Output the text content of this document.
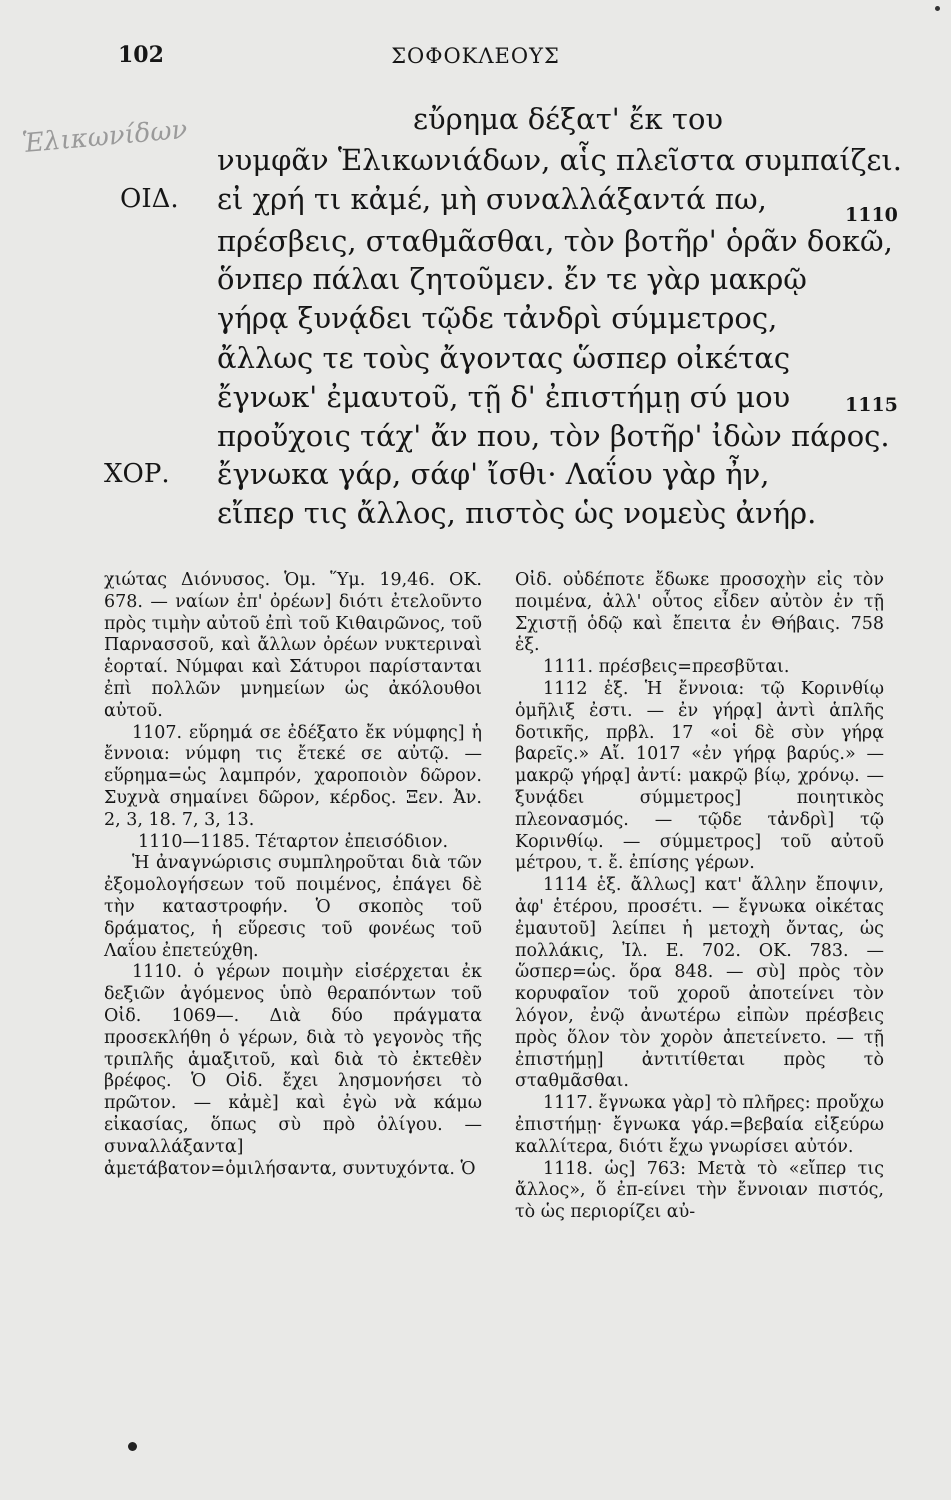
102	ΣΟΦΟΚΛΕΟΥΣ
Ἑλικωνίδων	εὔρημα δέξατ' ἔκ του
νυμφᾶν Ἑλικωνιάδων, αἷς πλεῖστα συμπαίζει.
ΟΙΔ. εἰ χρή τι κἀμέ, μὴ συναλλάξαντά πω,	1110
πρέσβεις, σταθμᾶσθαι, τὸν βοτῆρ' ὁρᾶν δοκῶ,
ὅνπερ πάλαι ζητοῦμεν. ἔν τε γὰρ μακρῷ
γήρᾳ ξυνᾴδει τῷδε τἀνδρὶ σύμμετρος,
ἄλλως τε τοὺς ἄγοντας ὥσπερ οἰκέτας
ἔγνωκ' ἐμαυτοῦ, τῇ δ' ἐπιστήμῃ σύ μου	1115
προὔχοις τάχ' ἄν που, τὸν βοτῆρ' ἰδὼν πάρος.
ΧΟΡ. ἔγνωκα γάρ, σάφ' ἴσθι· Λαΐου γὰρ ἦν,
εἴπερ τις ἄλλος, πιστὸς ὡς νομεὺς ἀνήρ.

χιώτας Διόνυσος. Ὁμ. Ὕμ. 19,46. ΟΚ. 678. — ναίων ἐπ' ὀρέων] διότι ἐτελοῦντο πρὸς τιμὴν αὐτοῦ ἐπὶ τοῦ Κιθαιρῶνος, τοῦ Παρνασσοῦ, καὶ ἄλλων ὀρέων νυκτεριναὶ ἑορταί. Νύμφαι καὶ Σάτυροι παρίστανται ἐπὶ πολλῶν μνημείων ὡς ἀκόλουθοι αὐτοῦ.

1107. εὕρημά σε ἐδέξατο ἔκ νύμφης] ἡ ἔννοια: νύμφη τις ἔτεκέ σε αὐτῷ. — εὕρημα=ὡς λαμπρόν, χαροποιὸν δῶρον. Συχνὰ σημαίνει δῶρον, κέρδος. Ξεν. Ἀν. 2, 3, 18. 7, 3, 13.

1110—1185. Τέταρτον ἐπεισόδιον.

Ἡ ἀναγνώρισις συμπληροῦται διὰ τῶν ἐξομολογήσεων τοῦ ποιμένος, ἐπάγει δὲ τὴν καταστροφήν. Ὁ σκοπὸς τοῦ δράματος, ἡ εὕρεσις τοῦ φονέως τοῦ Λαΐου ἐπετεύχθη.

1110. ὁ γέρων ποιμὴν εἰσέρχεται ἐκ δεξιῶν ἀγόμενος ὑπὸ θεραπόντων τοῦ Οἰδ. 1069—. Διὰ δύο πράγματα προσεκλήθη ὁ γέρων, διὰ τὸ γεγονὸς τῆς τριπλῆς ἁμαξιτοῦ, καὶ διὰ τὸ ἐκτεθὲν βρέφος. Ὁ Οἰδ. ἔχει λησμονήσει τὸ πρῶτον. — κἀμὲ] καὶ ἐγὼ νὰ κάμω εἰκασίας, ὅπως σὺ πρὸ ὀλίγου. — συναλλάξαντα] ἀμετάβατον=ὁμιλήσαντα, συντυχόντα. Ὁ

Οἰδ. οὐδέποτε ἔδωκε προσοχὴν εἰς τὸν ποιμένα, ἀλλ' οὗτος εἶδεν αὐτὸν ἐν τῇ Σχιστῇ ὁδῷ καὶ ἔπειτα ἐν Θήβαις. 758 ἑξ.

1111. πρέσβεις=πρεσβῦται.

1112 ἑξ. Ἡ ἔννοια: τῷ Κορινθίῳ ὁμῆλιξ ἐστι. — ἐν γήρᾳ] ἀντὶ ἁπλῆς δοτικῆς, πρβλ. 17 «οἱ δὲ σὺν γήρᾳ βαρεῖς.» Αἴ. 1017 «ἐν γήρᾳ βαρύς.» — μακρῷ γήρᾳ] ἀντί: μακρῷ βίῳ, χρόνῳ. — ξυνᾴδει σύμμετρος] ποιητικὸς πλεονασμός. — τῷδε τἀνδρὶ] τῷ Κορινθίῳ. — σύμμετρος] τοῦ αὐτοῦ μέτρου, τ. ἔ. ἐπίσης γέρων.

1114 ἑξ. ἄλλως] κατ' ἄλλην ἔποψιν, ἀφ' ἑτέρου, προσέτι. — ἔγνωκα οἰκέτας ἐμαυτοῦ] λείπει ἡ μετοχὴ ὄντας, ὡς πολλάκις, Ἰλ. Ε. 702. ΟΚ. 783. — ὥσπερ=ὡς. ὅρα 848. — σὺ] πρὸς τὸν κορυφαῖον τοῦ χοροῦ ἀποτείνει τὸν λόγον, ἐνῷ ἀνωτέρω εἰπὼν πρέσβεις πρὸς ὅλον τὸν χορὸν ἀπετείνετο. — τῇ ἐπιστήμῃ] ἀντιτίθεται πρὸς τὸ σταθμᾶσθαι.

1117. ἔγνωκα γὰρ] τὸ πλῆρες: προὔχω ἐπιστήμῃ· ἔγνωκα γάρ.=βεβαία εἰξεύρω καλλίτερα, διότι ἔχω γνωρίσει αὐτόν.

1118. ὡς] 763: Μετὰ τὸ «εἴπερ τις ἄλλος», ὅ ἐπ-είνει τὴν ἔννοιαν πιστός, τὸ ὡς περιορίζει αὐ-
